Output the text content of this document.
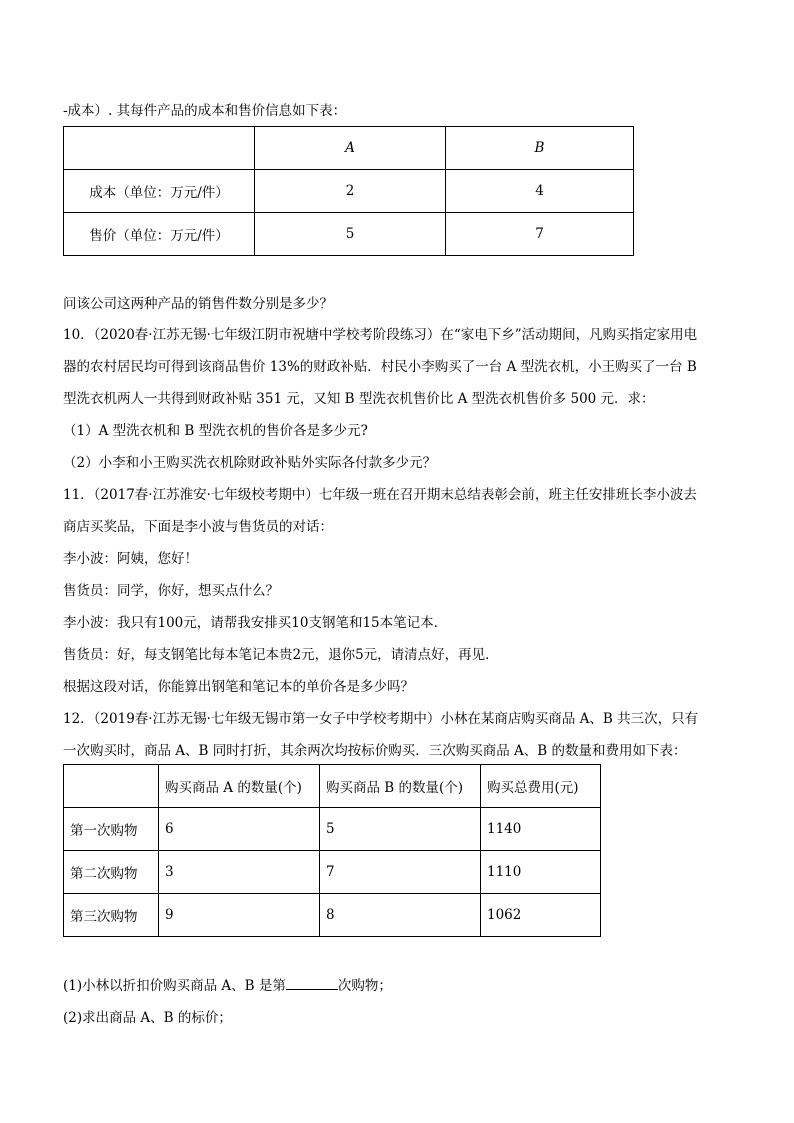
-成本）. 其每件产品的成本和售价信息如下表：
	A	B
成本（单位：万元/件）	2	4
售价（单位：万元/件）	5	7
问该公司这两种产品的销售件数分别是多少？
10．（2020春·江苏无锡·七年级江阴市祝塘中学校考阶段练习）在“家电下乡”活动期间，凡购买指定家用电
器的农村居民均可得到该商品售价 13%的财政补贴．村民小李购买了一台 A 型洗衣机，小王购买了一台 B
型洗衣机两人一共得到财政补贴 351 元，又知 B 型洗衣机售价比 A 型洗衣机售价多 500 元．求：
（1）A 型洗衣机和 B 型洗衣机的售价各是多少元?
（2）小李和小王购买洗衣机除财政补贴外实际各付款多少元？
11．（2017春·江苏淮安·七年级校考期中）七年级一班在召开期末总结表彰会前，班主任安排班长李小波去
商店买奖品，下面是李小波与售货员的对话：
李小波：阿姨，您好！
售货员：同学，你好，想买点什么？
李小波：我只有100元，请帮我安排买10支钢笔和15本笔记本．
售货员：好，每支钢笔比每本笔记本贵2元，退你5元，请清点好，再见．
根据这段对话，你能算出钢笔和笔记本的单价各是多少吗？
12．（2019春·江苏无锡·七年级无锡市第一女子中学校考期中）小林在某商店购买商品 A、B 共三次，只有
一次购买时，商品 A、B 同时打折，其余两次均按标价购买．三次购买商品 A、B 的数量和费用如下表：
	购买商品 A 的数量(个)	购买商品 B 的数量(个)	购买总费用(元)
第一次购物	6	5	1140
第二次购物	3	7	1110
第三次购物	9	8	1062
(1)小林以折扣价购买商品 A、B 是第	次购物；
(2)求出商品 A、B 的标价；
